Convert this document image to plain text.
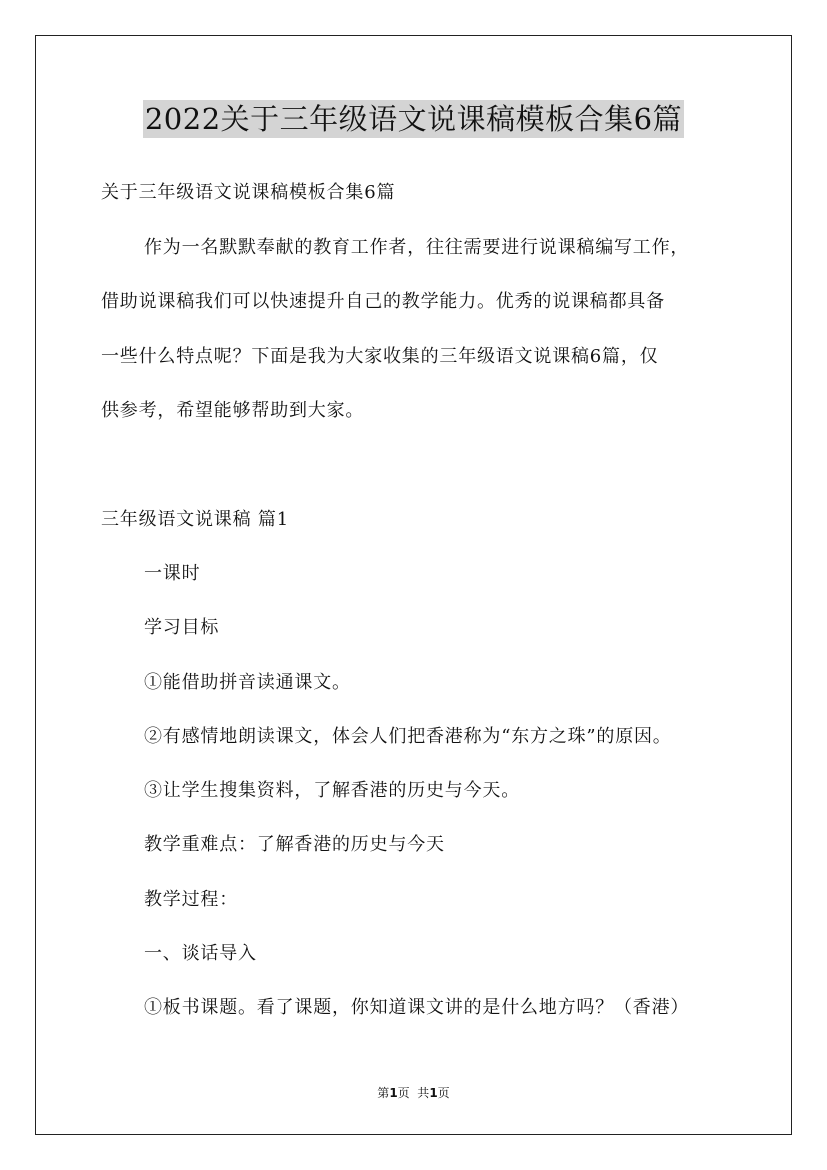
2022关于三年级语文说课稿模板合集6篇
关于三年级语文说课稿模板合集6篇
作为一名默默奉献的教育工作者，往往需要进行说课稿编写工作，
借助说课稿我们可以快速提升自己的教学能力。优秀的说课稿都具备
一些什么特点呢？下面是我为大家收集的三年级语文说课稿6篇，仅
供参考，希望能够帮助到大家。
三年级语文说课稿 篇1
一课时
学习目标
①能借助拼音读通课文。
②有感情地朗读课文，体会人们把香港称为“东方之珠”的原因。
③让学生搜集资料，了解香港的历史与今天。
教学重难点：了解香港的历史与今天
教学过程：
一、谈话导入
①板书课题。看了课题，你知道课文讲的是什么地方吗？（香港）
第1页  共1页
